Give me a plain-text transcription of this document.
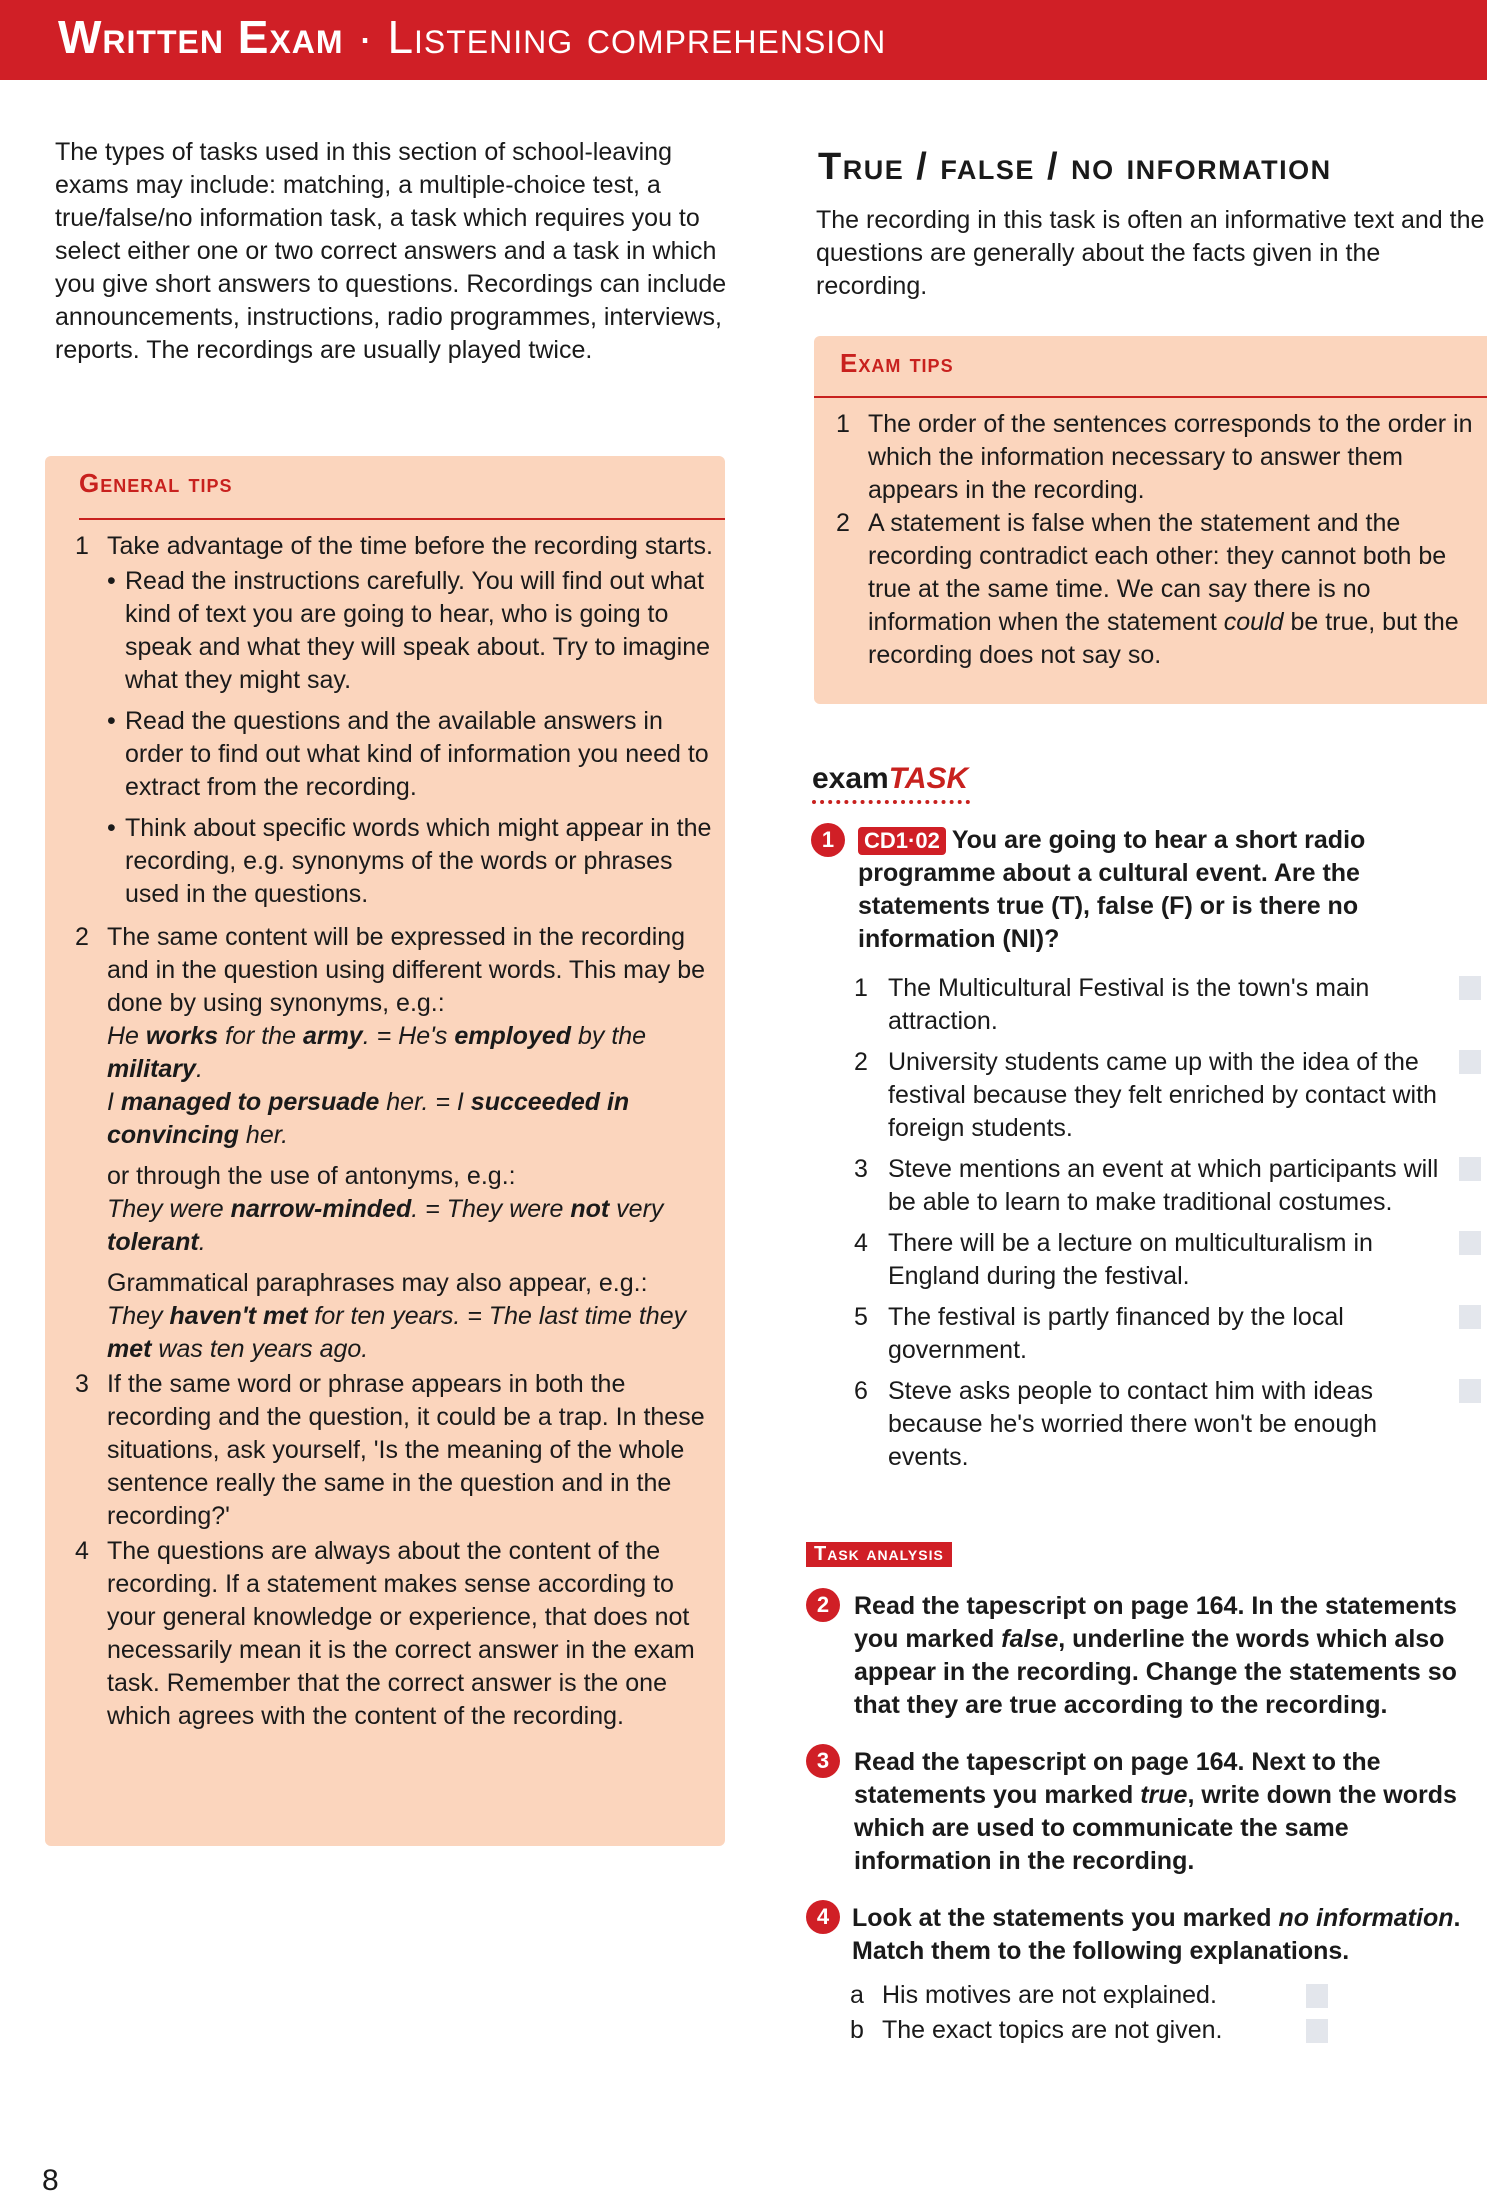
Written Exam · Listening comprehension

The types of tasks used in this section of school-leaving exams may include: matching, a multiple-choice test, a true/false/no information task, a task which requires you to select either one or two correct answers and a task in which you give short answers to questions. Recordings can include announcements, instructions, radio programmes, interviews, reports. The recordings are usually played twice.

General tips
1 Take advantage of the time before the recording starts.
• Read the instructions carefully. You will find out what kind of text you are going to hear, who is going to speak and what they will speak about. Try to imagine what they might say.
• Read the questions and the available answers in order to find out what kind of information you need to extract from the recording.
• Think about specific words which might appear in the recording, e.g. synonyms of the words or phrases used in the questions.
2 The same content will be expressed in the recording and in the question using different words. This may be done by using synonyms, e.g.:
He works for the army. = He's employed by the military.
I managed to persuade her. = I succeeded in convincing her.
or through the use of antonyms, e.g.:
They were narrow-minded. = They were not very tolerant.
Grammatical paraphrases may also appear, e.g.:
They haven't met for ten years. = The last time they met was ten years ago.
3 If the same word or phrase appears in both the recording and the question, it could be a trap. In these situations, ask yourself, 'Is the meaning of the whole sentence really the same in the question and in the recording?'
4 The questions are always about the content of the recording. If a statement makes sense according to your general knowledge or experience, that does not necessarily mean it is the correct answer in the exam task. Remember that the correct answer is the one which agrees with the content of the recording.
True / false / no information

The recording in this task is often an informative text and the questions are generally about the facts given in the recording.

Exam tips
1 The order of the sentences corresponds to the order in which the information necessary to answer them appears in the recording.
2 A statement is false when the statement and the recording contradict each other: they cannot both be true at the same time. We can say there is no information when the statement could be true, but the recording does not say so.
examTASK
1	CD1·02 You are going to hear a short radio programme about a cultural event. Are the statements true (T), false (F) or is there no information (NI)?
1 The Multicultural Festival is the town's main attraction.
2 University students came up with the idea of the festival because they felt enriched by contact with foreign students.
3 Steve mentions an event at which participants will be able to learn to make traditional costumes.
4 There will be a lecture on multiculturalism in England during the festival.
5 The festival is partly financed by the local government.
6 Steve asks people to contact him with ideas because he's worried there won't be enough events.
Task analysis
2 Read the tapescript on page 164. In the statements you marked false, underline the words which also appear in the recording. Change the statements so that they are true according to the recording.
3 Read the tapescript on page 164. Next to the statements you marked true, write down the words which are used to communicate the same information in the recording.
4 Look at the statements you marked no information. Match them to the following explanations.
a His motives are not explained.
b The exact topics are not given.
8
